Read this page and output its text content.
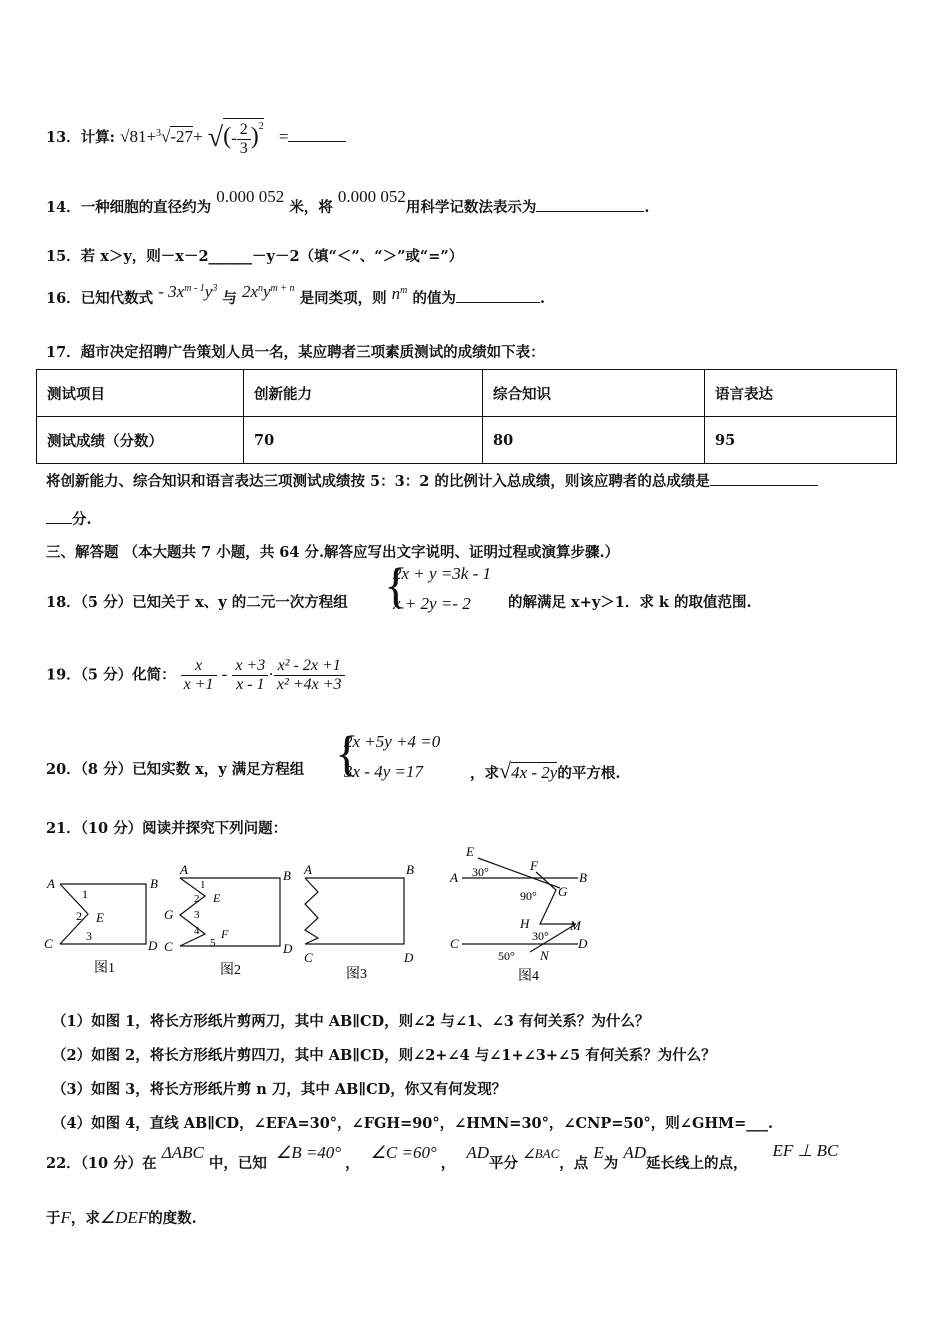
13．计算: √81+$^3$√-27+ √(- $\frac{2}{3} )^2$ =
14．一种细胞的直径约为 0.000 052 米，将 0.000 052用科学记数法表示为	.
15．若 x＞y，则－x－2______－y－2（填“＜”、“＞”或“=”）
16．已知代数式 - $3x^{m - 1}y^3$ 与 $2x^ny^{m + n}$ 是同类项，则 $n^m$ 的值为	.
17．超市决定招聘广告策划人员一名，某应聘者三项素质测试的成绩如下表：
测试项目	创新能力	综合知识	语言表达
测试成绩（分数）	70	80	95
将创新能力、综合知识和语言表达三项测试成绩按 5：3：2 的比例计入总成绩，则该应聘者的总成绩是
分.
三、解答题 （本大题共 7 小题，共 64 分.解答应写出文字说明、证明过程或演算步骤.）
18．（5 分）已知关于 x、y 的二元一次方程组 {
2x + y =3k - 1
x + 2y =- 2	的解满足 x+y＞1．求 k 的取值范围.
19．（5 分）化简： $\frac{x}{x +1} - \frac{x +3}{x - 1} \cdot \frac{\text{x² - 2x +1}}{\text{x² +4x +3}}$
20．（8 分）已知实数 x，y 满足方程组 {
2x +5y +4 =0
3x - 4y =17	，求√4x - 2y的平方根.
21．（10 分）阅读并探究下列问题：
A	B
C	D
1
2 E
3
图1
A	B
G
C	D
1
2 E
3
4 F
5
图2
A	B
C	D
图3
A	B
E
F
30°
90° G
H
30°
M
C	D
50° N
图4
（1）如图 1，将长方形纸片剪两刀，其中 AB∥CD，则∠2 与∠1、∠3 有何关系？为什么？
（2）如图 2，将长方形纸片剪四刀，其中 AB∥CD，则∠2+∠4 与∠1+∠3+∠5 有何关系？为什么？
（3）如图 3，将长方形纸片剪 n 刀，其中 AB∥CD，你又有何发现？
（4）如图 4，直线 AB∥CD，∠EFA=30°，∠FGH=90°，∠HMN=30°，∠CNP=50°，则∠GHM=___.
22．（10 分）在 ΔABC 中，已知 ∠B =40°， ∠C =60°， AD平分 ∠BAC，点 E为 AD延长线上的点， EF ⊥ BC
于F，求∠DEF的度数.
